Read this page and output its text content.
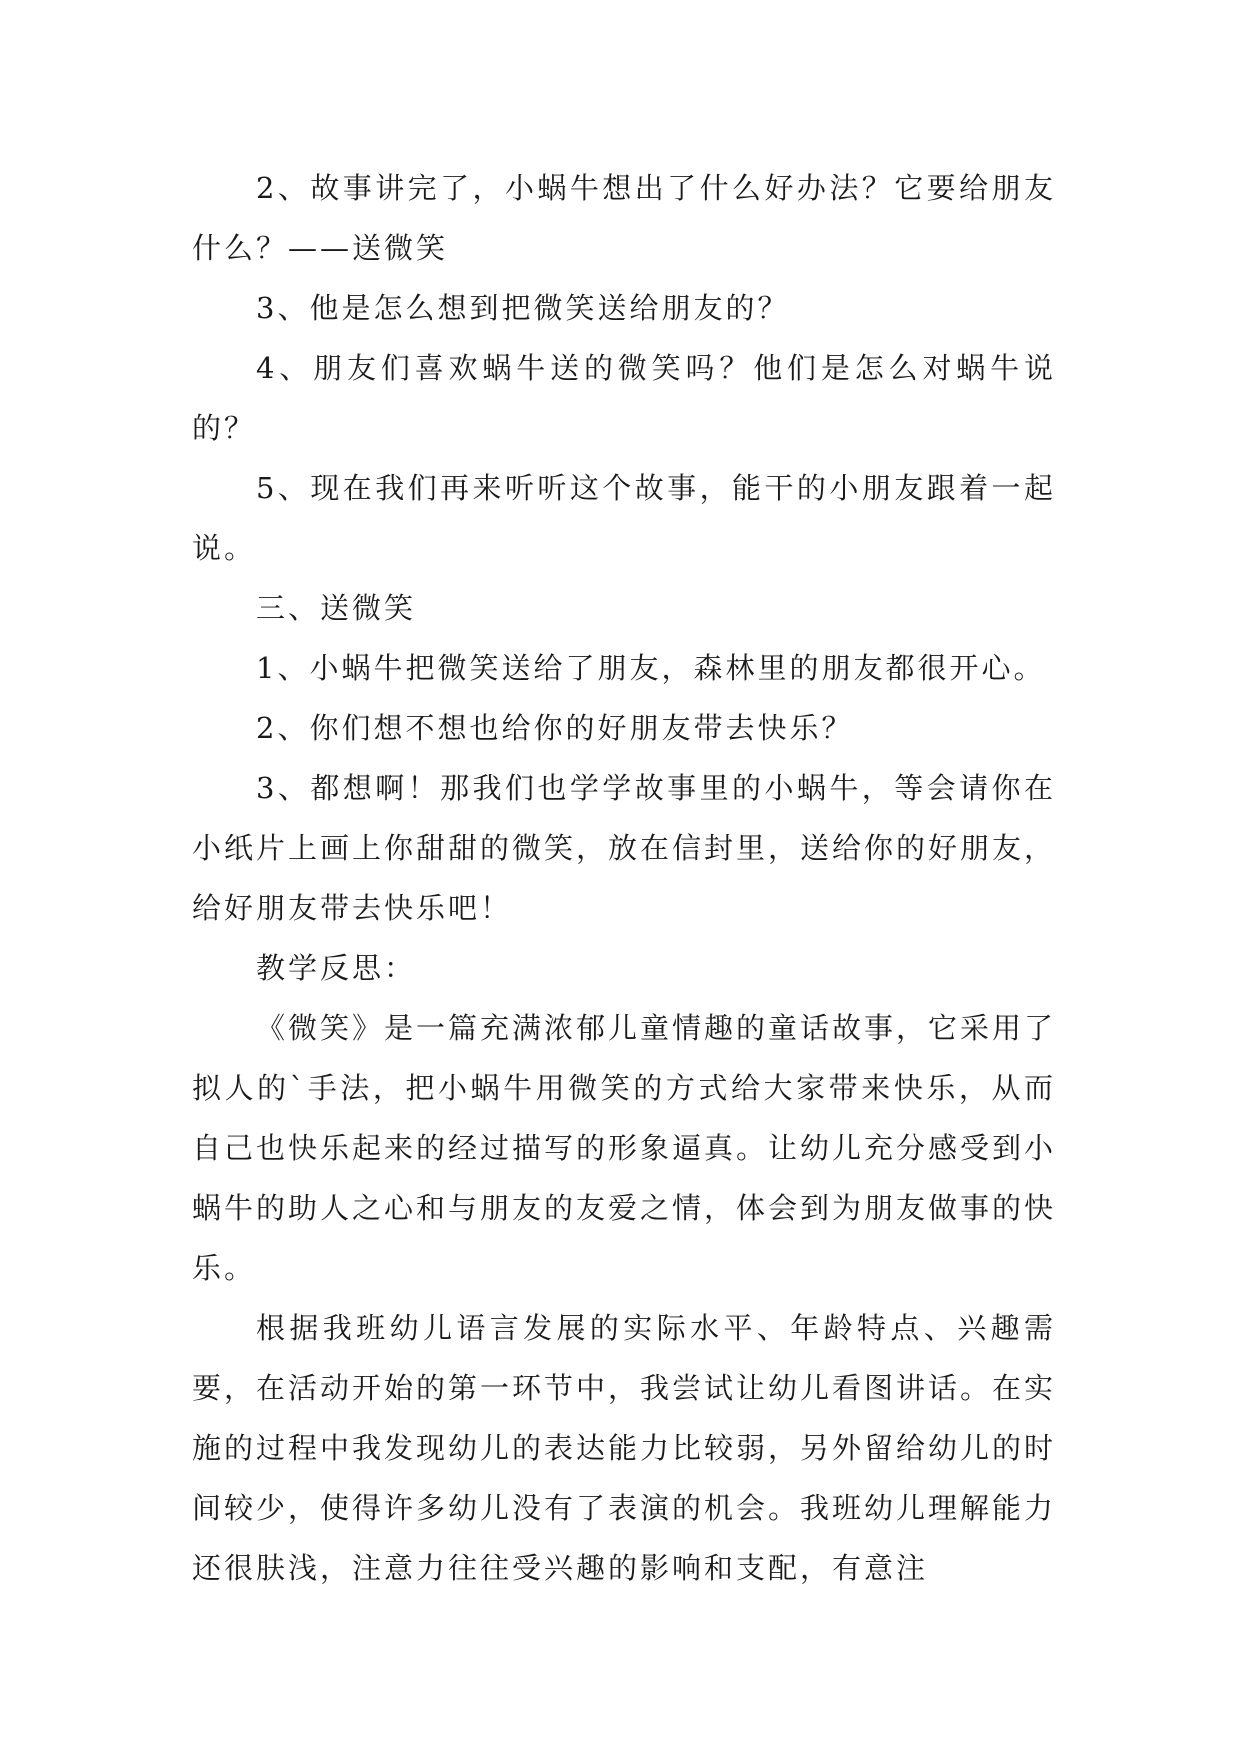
2、故事讲完了，小蜗牛想出了什么好办法？它要给朋友什么？——送微笑

3、他是怎么想到把微笑送给朋友的？

4、朋友们喜欢蜗牛送的微笑吗？他们是怎么对蜗牛说的？

5、现在我们再来听听这个故事，能干的小朋友跟着一起说。

三、送微笑

1、小蜗牛把微笑送给了朋友，森林里的朋友都很开心。

2、你们想不想也给你的好朋友带去快乐？

3、都想啊！那我们也学学故事里的小蜗牛，等会请你在小纸片上画上你甜甜的微笑，放在信封里，送给你的好朋友，给好朋友带去快乐吧！

教学反思：

《微笑》是一篇充满浓郁儿童情趣的童话故事，它采用了拟人的`手法，把小蜗牛用微笑的方式给大家带来快乐，从而自己也快乐起来的经过描写的形象逼真。让幼儿充分感受到小蜗牛的助人之心和与朋友的友爱之情，体会到为朋友做事的快乐。

根据我班幼儿语言发展的实际水平、年龄特点、兴趣需要，在活动开始的第一环节中，我尝试让幼儿看图讲话。在实施的过程中我发现幼儿的表达能力比较弱，另外留给幼儿的时间较少，使得许多幼儿没有了表演的机会。我班幼儿理解能力还很肤浅，注意力往往受兴趣的影响和支配，有意注
